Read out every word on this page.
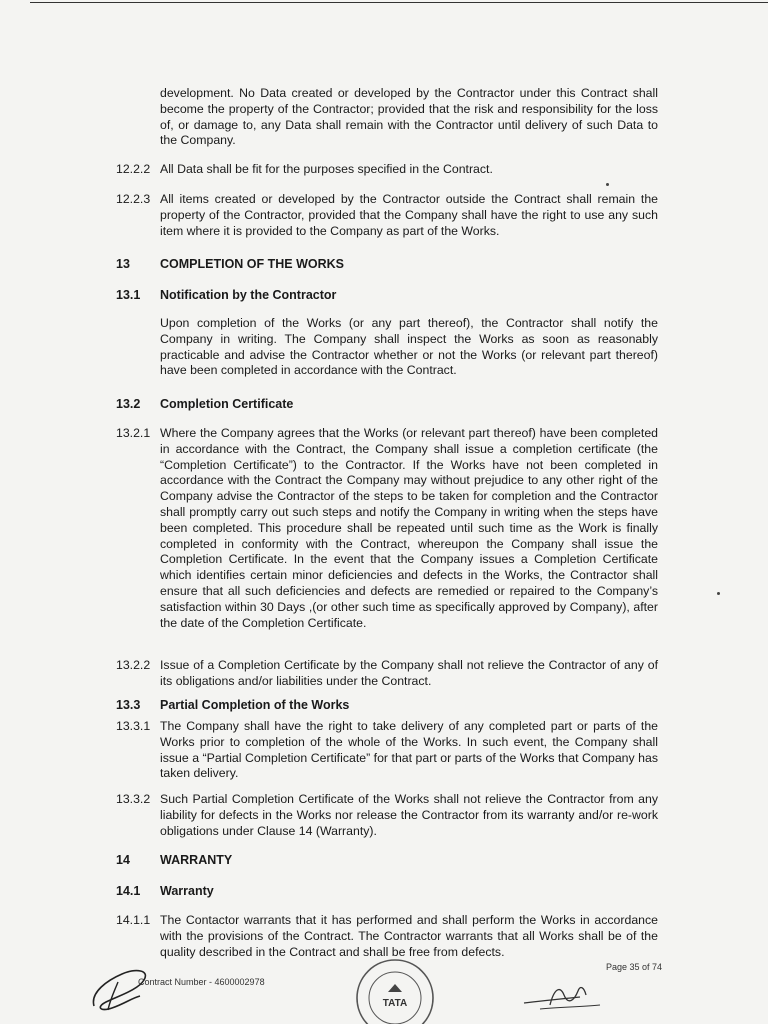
development. No Data created or developed by the Contractor under this Contract shall become the property of the Contractor; provided that the risk and responsibility for the loss of, or damage to, any Data shall remain with the Contractor until delivery of such Data to the Company.
12.2.2 All Data shall be fit for the purposes specified in the Contract.
12.2.3 All items created or developed by the Contractor outside the Contract shall remain the property of the Contractor, provided that the Company shall have the right to use any such item where it is provided to the Company as part of the Works.
13 COMPLETION OF THE WORKS
13.1 Notification by the Contractor
Upon completion of the Works (or any part thereof), the Contractor shall notify the Company in writing. The Company shall inspect the Works as soon as reasonably practicable and advise the Contractor whether or not the Works (or relevant part thereof) have been completed in accordance with the Contract.
13.2 Completion Certificate
13.2.1 Where the Company agrees that the Works (or relevant part thereof) have been completed in accordance with the Contract, the Company shall issue a completion certificate (the “Completion Certificate”) to the Contractor. If the Works have not been completed in accordance with the Contract the Company may without prejudice to any other right of the Company advise the Contractor of the steps to be taken for completion and the Contractor shall promptly carry out such steps and notify the Company in writing when the steps have been completed. This procedure shall be repeated until such time as the Work is finally completed in conformity with the Contract, whereupon the Company shall issue the Completion Certificate. In the event that the Company issues a Completion Certificate which identifies certain minor deficiencies and defects in the Works, the Contractor shall ensure that all such deficiencies and defects are remedied or repaired to the Company’s satisfaction within 30 Days ,(or other such time as specifically approved by Company), after the date of the Completion Certificate.
13.2.2 Issue of a Completion Certificate by the Company shall not relieve the Contractor of any of its obligations and/or liabilities under the Contract.
13.3 Partial Completion of the Works
13.3.1 The Company shall have the right to take delivery of any completed part or parts of the Works prior to completion of the whole of the Works. In such event, the Company shall issue a “Partial Completion Certificate” for that part or parts of the Works that Company has taken delivery.
13.3.2 Such Partial Completion Certificate of the Works shall not relieve the Contractor from any liability for defects in the Works nor release the Contractor from its warranty and/or re-work obligations under Clause 14 (Warranty).
14 WARRANTY
14.1 Warranty
14.1.1 The Contactor warrants that it has performed and shall perform the Works in accordance with the provisions of the Contract. The Contractor warrants that all Works shall be of the quality described in the Contract and shall be free from defects.
Contract Number - 4600002978
TATA
Page 35 of 74
